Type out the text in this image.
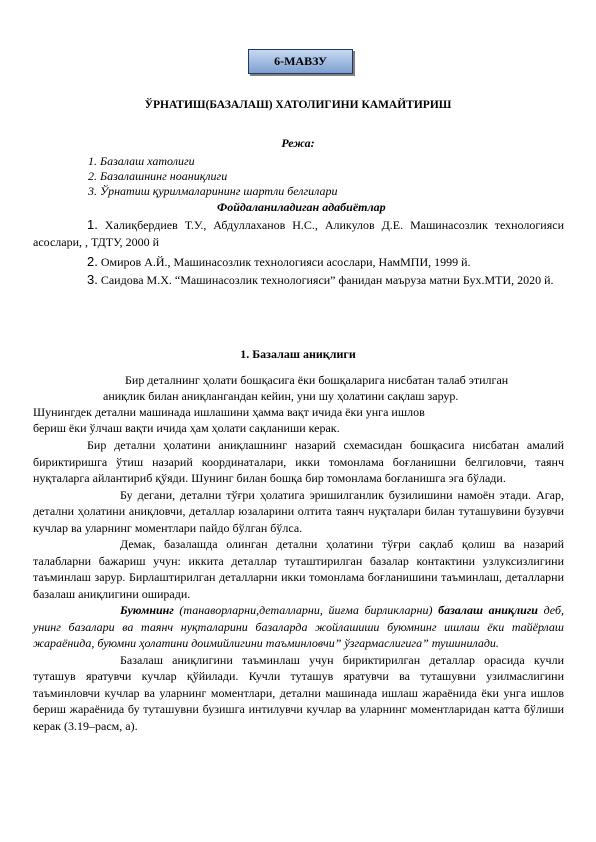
6-МАВЗУ
ЎРНАТИШ(БАЗАЛАШ) ХАТОЛИГИНИ КАМАЙТИРИШ
Режа:
1. Базалаш хатолиги
2. Базалашнинг ноаниқлиги
3. Ўрнатиш қурилмаларининг шартли белгилари
Фойдаланиладиган адабиётлар
1. Халиқбердиев Т.У., Абдуллаханов Н.С., Аликулов Д.Е. Машинасозлик технологияси асослари, , ТДТУ, 2000 й
2. Омиров А.Й., Машинасозлик технологияси асослари, НамМПИ, 1999 й.
3. Саидова М.Х. “Машинасозлик технологияси” фанидан маъруза матни Бух.МТИ, 2020 й.
1. Базалаш аниқлиги
Бир деталнинг ҳолати бошқасига ёки бошқаларига нисбатан талаб этилган
аниқлик билан аниқлангандан кейин, уни шу ҳолатини сақлаш зарур.
Шунингдек детални машинада ишлашини ҳамма вақт ичида ёки унга ишлов
бериш ёки ўлчаш вақти ичида ҳам ҳолати сақланиши керак.

Бир детални ҳолатини аниқлашнинг назарий схемасидан бошқасига нисбатан амалий бириктиришга ўтиш назарий координаталари, икки томонлама боғланишни белгиловчи, таянч нуқталарга айлантириб қўяди. Шунинг билан бошқа бир томонлама боғланишга эга бўлади.

Бу дегани, детални тўғри ҳолатига эришилганлик бузилишини намоён этади. Агар, детални ҳолатини аниқловчи, деталлар юзаларини олтита таянч нуқталари билан туташувини бузувчи кучлар ва уларнинг моментлари пайдо бўлган бўлса.

Демак, базалашда олинган детални ҳолатини тўғри сақлаб қолиш ва назарий талабларни бажариш учун: иккита деталлар туташтирилган базалар контактини узлуксизлигини таъминлаш зарур. Бирлаштирилган деталларни икки томонлама боғланишини таъминлаш, деталларни базалаш аниқлигини оширади.

Буюмнинг (танаворларни,деталларни, йиғма бирликларни) базалаш аниқлиги деб, унинг базалари ва таянч нуқталарини базаларда жойлашиши буюмнинг ишлаш ёки тайёрлаш жараёнида, буюмни ҳолатини доимийлигини таъминловчи” ўзгармаслигига” тушинилади.

Базалаш аниқлигини таъминлаш учун бириктирилган деталлар орасида кучли туташув яратувчи кучлар қўйилади. Кучли туташув яратувчи ва туташувни узилмаслигини таъминловчи кучлар ва уларнинг моментлари, детални машинада ишлаш жараёнида ёки унга ишлов бериш жараёнида бу туташувни бузишга интилувчи кучлар ва уларнинг моментларидан катта бўлиши керак (3.19–расм, а).
